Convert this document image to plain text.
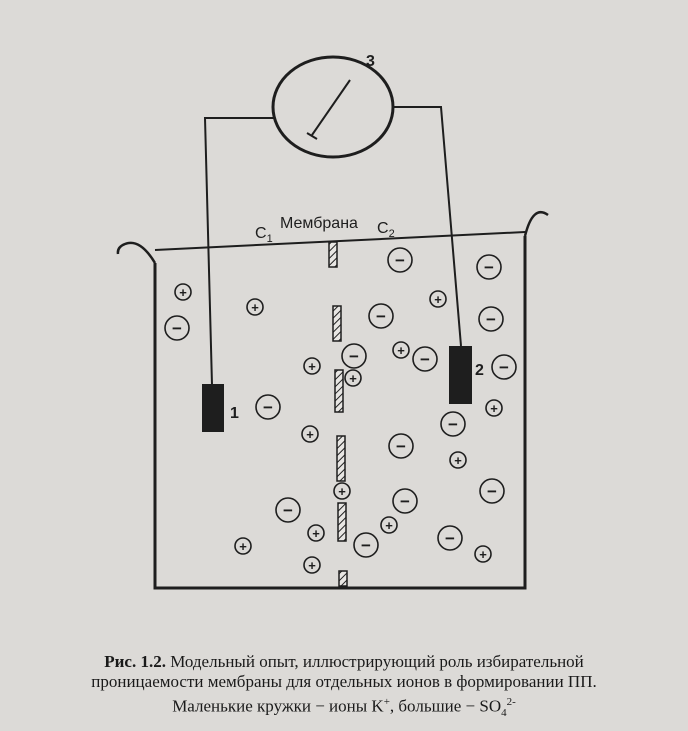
3
Мембрана
$C_1$
$C_2$
1
2
+
−
+
−
+
+
−
+
+
+
+
+
−	−
+
−	−
−	+ −	−
+
−
−
+
−
−
−	−
+
+
Рис. 1.2. Модельный опыт, иллюстрирующий роль избирательной
проницаемости мембраны для отдельных ионов в формировании ПП.
Маленькие кружки − ионы K+, большие − $SO_4^{2-}$
